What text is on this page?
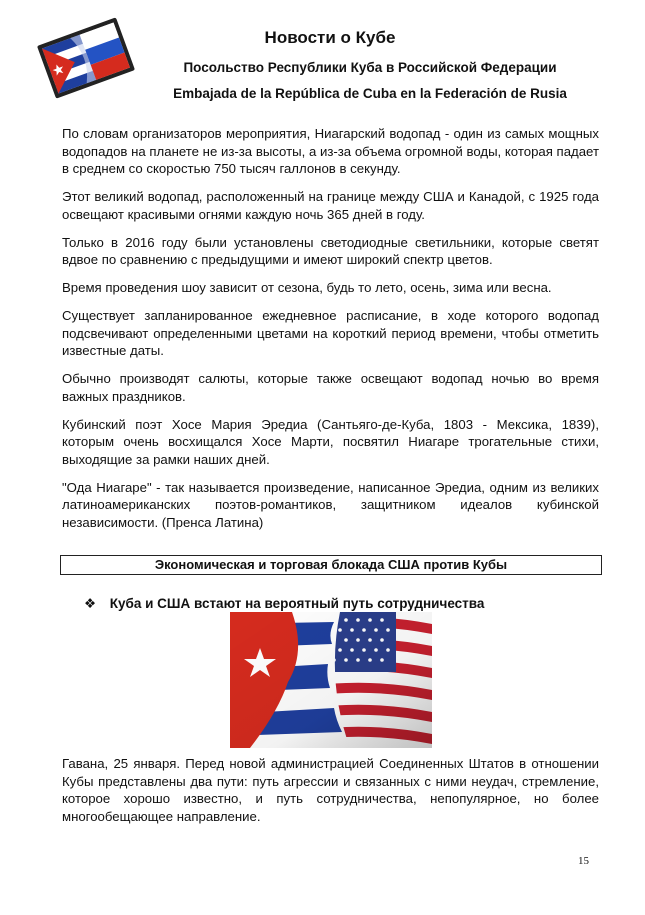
Новости о Кубе
Посольство Республики Куба в Российской Федерации
Embajada de la República de Cuba en la Federación de Rusia

По словам организаторов мероприятия, Ниагарский водопад - один из самых мощных водопадов на планете не из-за высоты, а из-за объема огромной воды, которая падает в среднем со скоростью 750 тысяч галлонов в секунду.

Этот великий водопад, расположенный на границе между США и Канадой, с 1925 года освещают красивыми огнями каждую ночь 365 дней в году.

Только в 2016 году были установлены светодиодные светильники, которые светят вдвое по сравнению с предыдущими и имеют широкий спектр цветов.

Время проведения шоу зависит от сезона, будь то лето, осень, зима или весна.

Существует запланированное ежедневное расписание, в ходе которого водопад подсвечивают определенными цветами на короткий период времени, чтобы отметить известные даты.

Обычно производят салюты, которые также освещают водопад ночью во время важных праздников.

Кубинский поэт Хосе Мария Эредиа (Сантьяго-де-Куба, 1803 - Мексика, 1839), которым очень восхищался Хосе Марти, посвятил Ниагаре трогательные стихи, выходящие за рамки наших дней.

"Ода Ниагаре" - так называется произведение, написанное Эредиа, одним из великих латиноамериканских поэтов-романтиков, защитником идеалов кубинской независимости. (Пренса Латина)

Экономическая и торговая блокада США против Кубы
❖ Куба и США встают на вероятный путь сотрудничества

Гавана, 25 января. Перед новой администрацией Соединенных Штатов в отношении Кубы представлены два пути: путь агрессии и связанных с ними неудач, стремление, которое хорошо известно, и путь сотрудничества, непопулярное, но более многообещающее направление.

15
